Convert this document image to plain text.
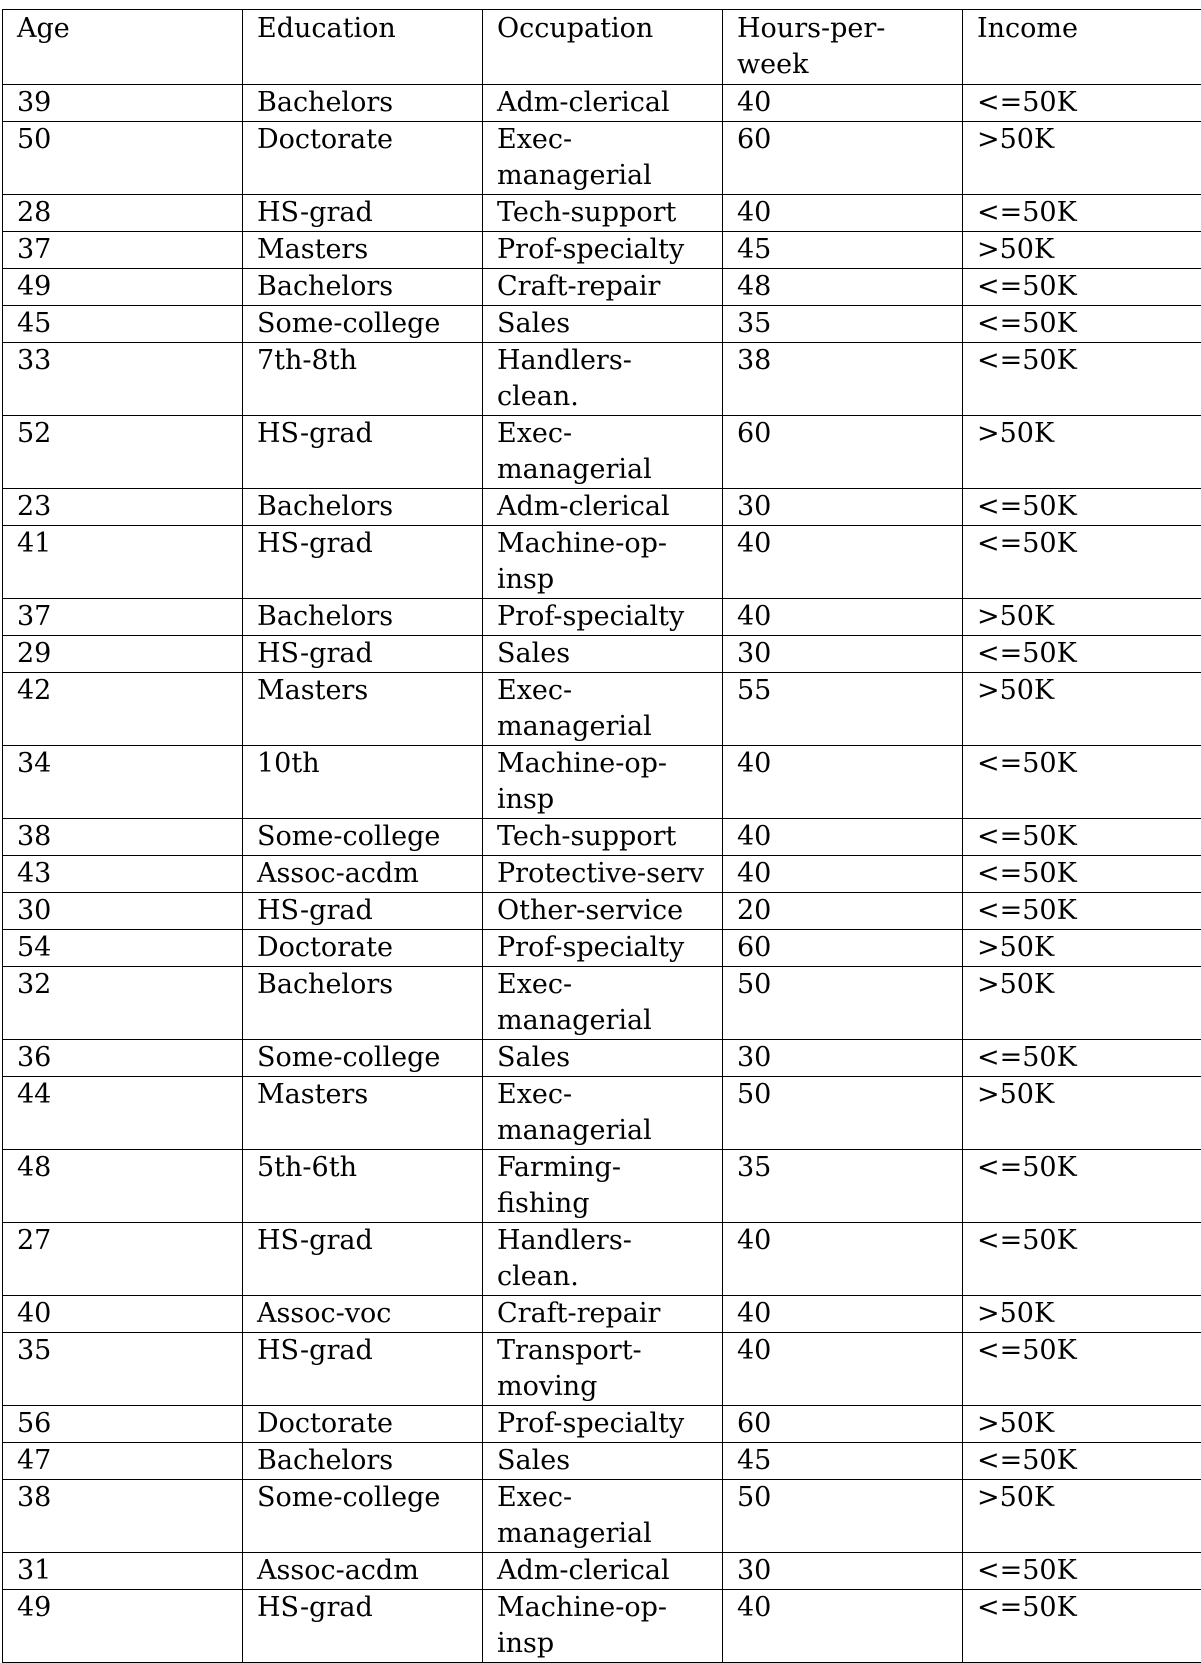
Age	Education	Occupation	Hours-per-week	Income
39	Bachelors	Adm-clerical	40	<=50K
50	Doctorate	Exec-managerial	60	>50K
28	HS-grad	Tech-support	40	<=50K
37	Masters	Prof-specialty	45	>50K
49	Bachelors	Craft-repair	48	<=50K
45	Some-college	Sales	35	<=50K
33	7th-8th	Handlers-clean.	38	<=50K
52	HS-grad	Exec-managerial	60	>50K
23	Bachelors	Adm-clerical	30	<=50K
41	HS-grad	Machine-op-insp	40	<=50K
37	Bachelors	Prof-specialty	40	>50K
29	HS-grad	Sales	30	<=50K
42	Masters	Exec-managerial	55	>50K
34	10th	Machine-op-insp	40	<=50K
38	Some-college	Tech-support	40	<=50K
43	Assoc-acdm	Protective-serv	40	<=50K
30	HS-grad	Other-service	20	<=50K
54	Doctorate	Prof-specialty	60	>50K
32	Bachelors	Exec-managerial	50	>50K
36	Some-college	Sales	30	<=50K
44	Masters	Exec-managerial	50	>50K
48	5th-6th	Farming-fishing	35	<=50K
27	HS-grad	Handlers-clean.	40	<=50K
40	Assoc-voc	Craft-repair	40	>50K
35	HS-grad	Transport-moving	40	<=50K
56	Doctorate	Prof-specialty	60	>50K
47	Bachelors	Sales	45	<=50K
38	Some-college	Exec-managerial	50	>50K
31	Assoc-acdm	Adm-clerical	30	<=50K
49	HS-grad	Machine-op-insp	40	<=50K
